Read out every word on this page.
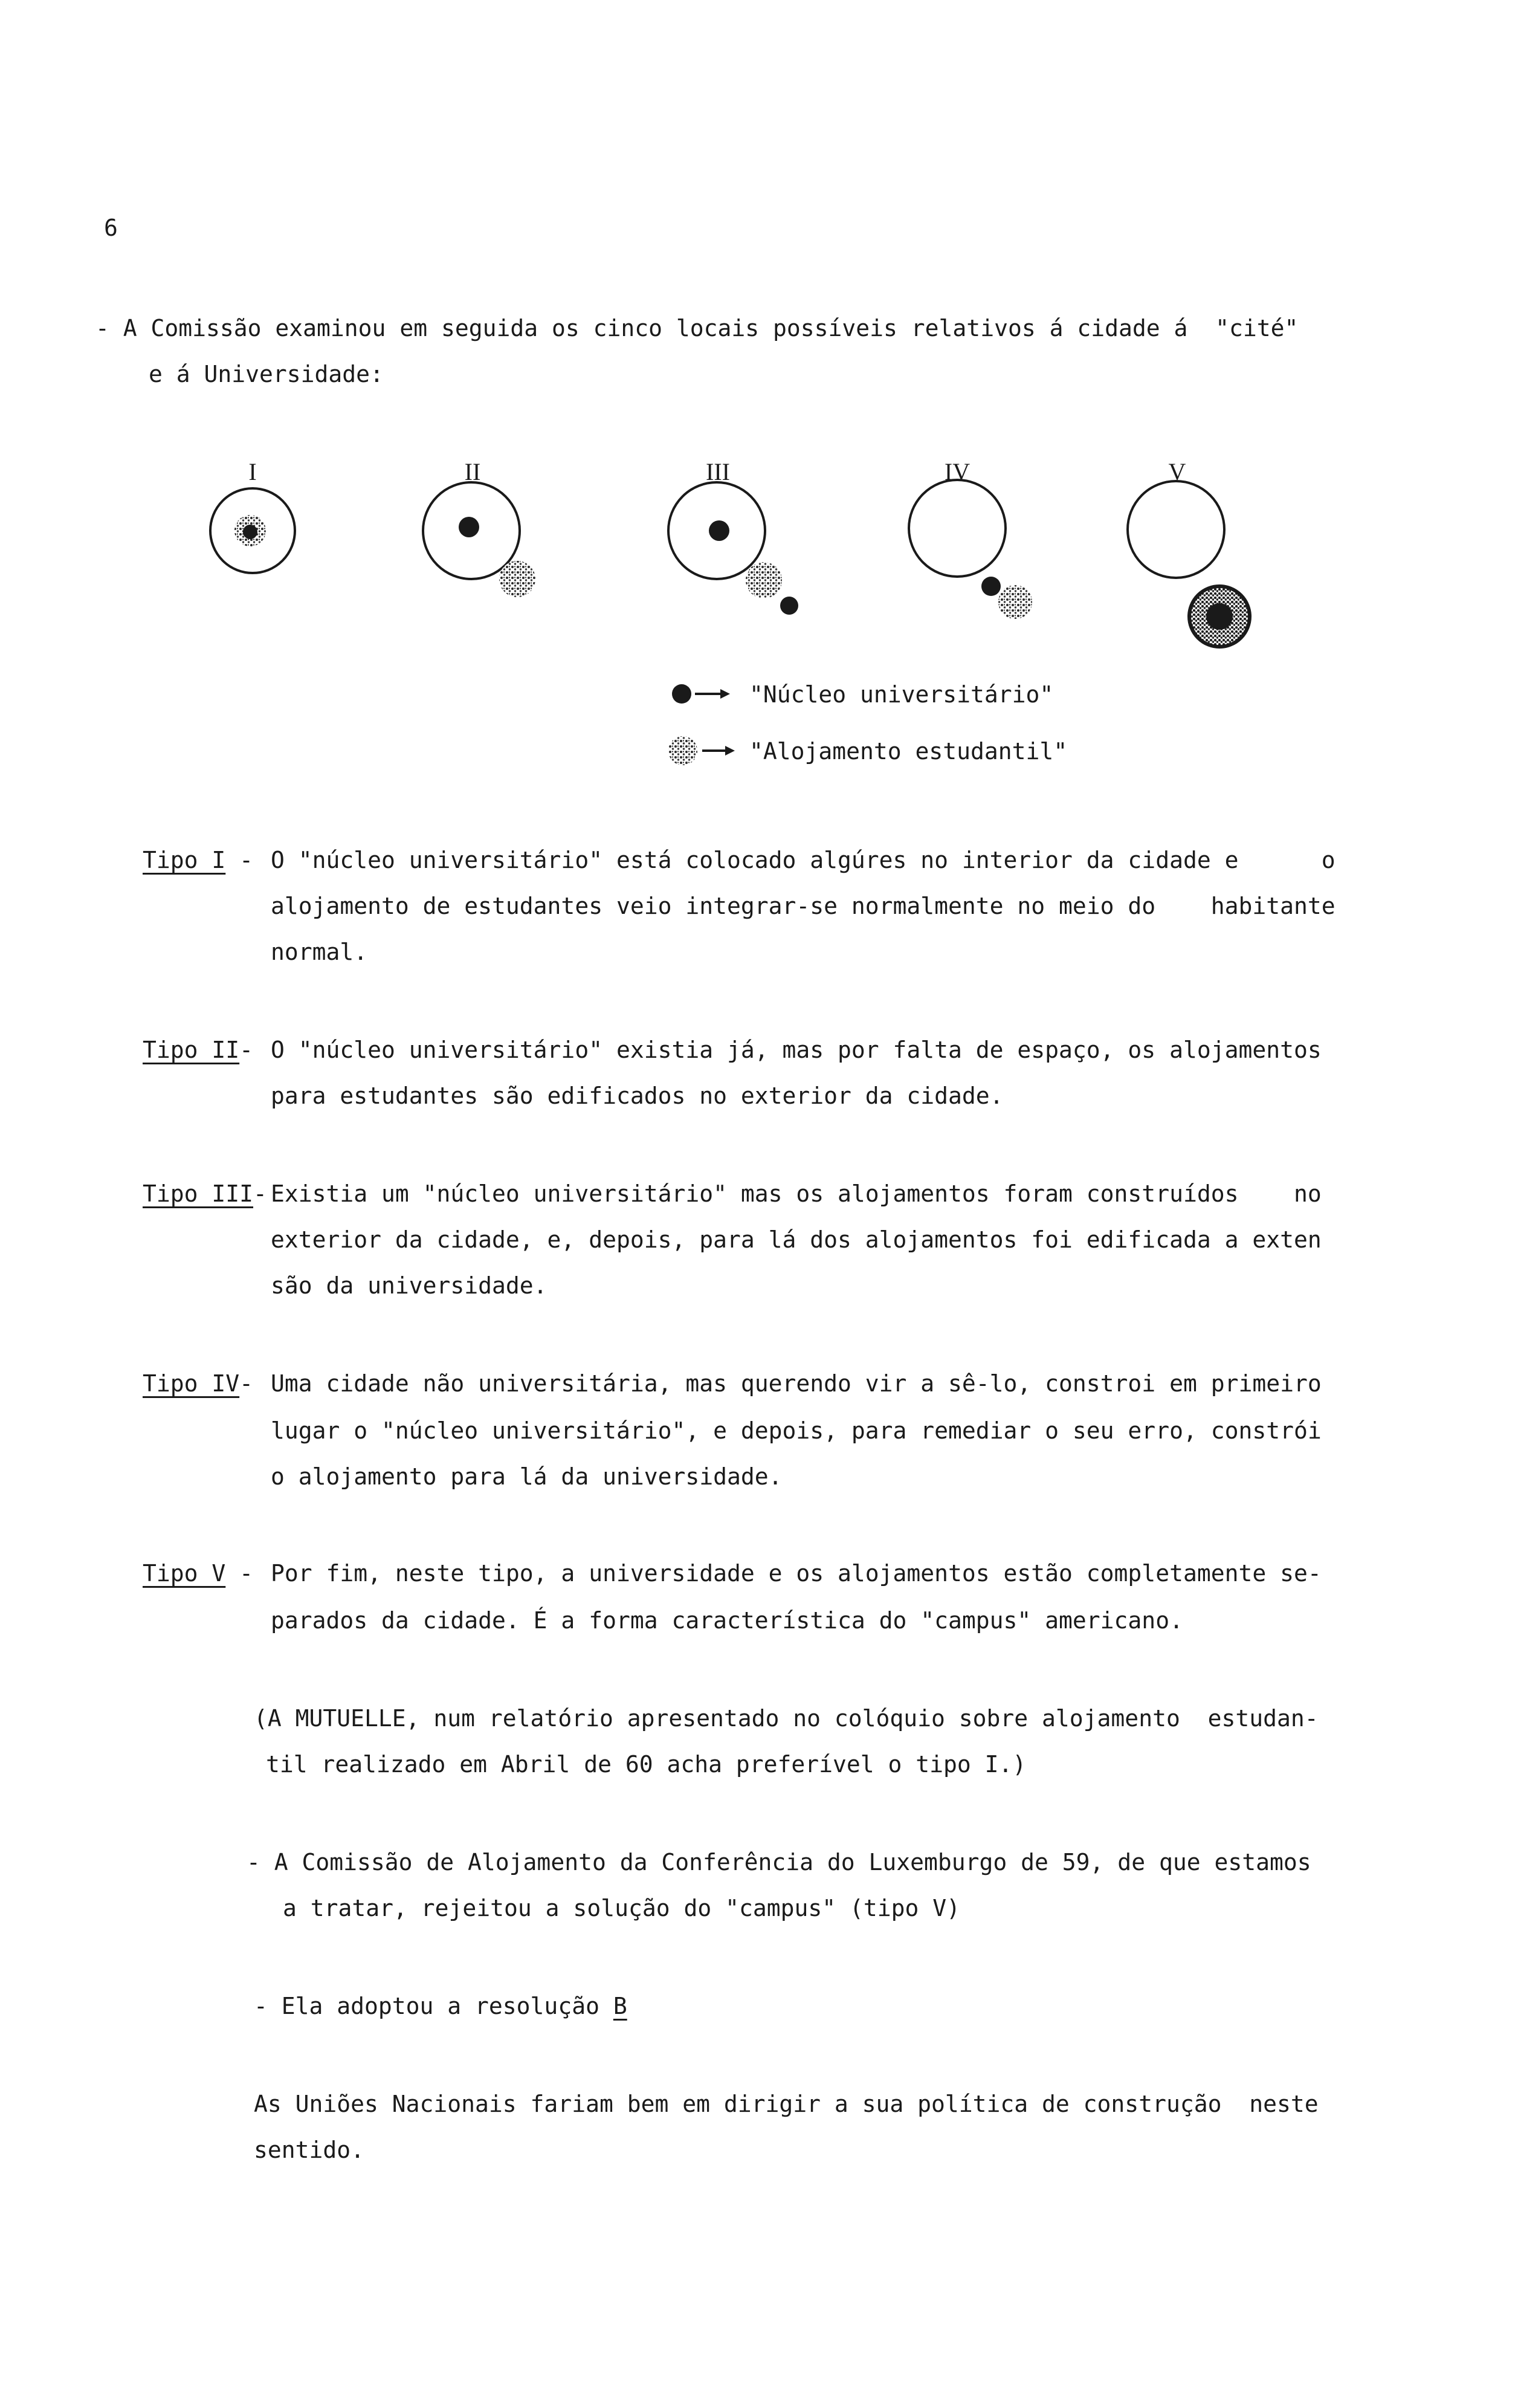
6
- A Comissão examinou em seguida os cinco locais possíveis relativos á cidade á  "cité"
e á Universidade:
I	II	III	IV	V
"Núcleo universitário"
"Alojamento estudantil"
Tipo I - O "núcleo universitário" está colocado algúres no interior da cidade e      o
alojamento de estudantes veio integrar-se normalmente no meio do    habitante
normal.
Tipo II- O "núcleo universitário" existia já, mas por falta de espaço, os alojamentos
para estudantes são edificados no exterior da cidade.
Tipo III- Existia um "núcleo universitário" mas os alojamentos foram construídos    no
exterior da cidade, e, depois, para lá dos alojamentos foi edificada a exten
são da universidade.
Tipo IV- Uma cidade não universitária, mas querendo vir a sê-lo, constroi em primeiro
lugar o "núcleo universitário", e depois, para remediar o seu erro, constrói
o alojamento para lá da universidade.
Tipo V - Por fim, neste tipo, a universidade e os alojamentos estão completamente se-
parados da cidade. É a forma característica do "campus" americano.
(A MUTUELLE, num relatório apresentado no colóquio sobre alojamento  estudan-
til realizado em Abril de 60 acha preferível o tipo I.)
- A Comissão de Alojamento da Conferência do Luxemburgo de 59, de que estamos
a tratar, rejeitou a solução do "campus" (tipo V)
- Ela adoptou a resolução B
As Uniões Nacionais fariam bem em dirigir a sua política de construção  neste
sentido.
